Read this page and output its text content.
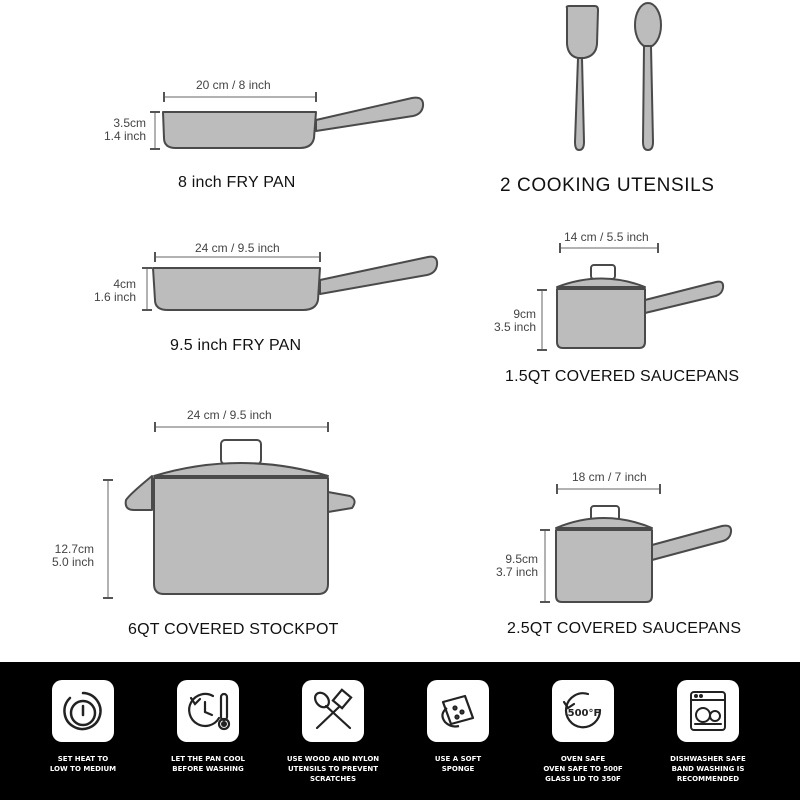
20 cm / 8 inch
3.5cm
1.4 inch
8 inch FRY PAN
24 cm / 9.5 inch
4cm
1.6 inch
9.5 inch FRY PAN
24 cm / 9.5 inch
12.7cm
5.0 inch
6QT COVERED STOCKPOT
2 COOKING UTENSILS
14 cm / 5.5 inch
9cm
3.5 inch
1.5QT COVERED SAUCEPANS
18 cm / 7 inch
9.5cm
3.7 inch
2.5QT COVERED SAUCEPANS
SET HEAT TO
LOW TO MEDIUM
LET THE PAN COOL
BEFORE WASHING
USE WOOD AND NYLON
UTENSILS TO PREVENT SCRATCHES
USE A SOFT
SPONGE
500°F
OVEN SAFE
OVEN SAFE TO 500F
GLASS LID TO 350F
DISHWASHER SAFE
BAND WASHING IS RECOMMENDED
